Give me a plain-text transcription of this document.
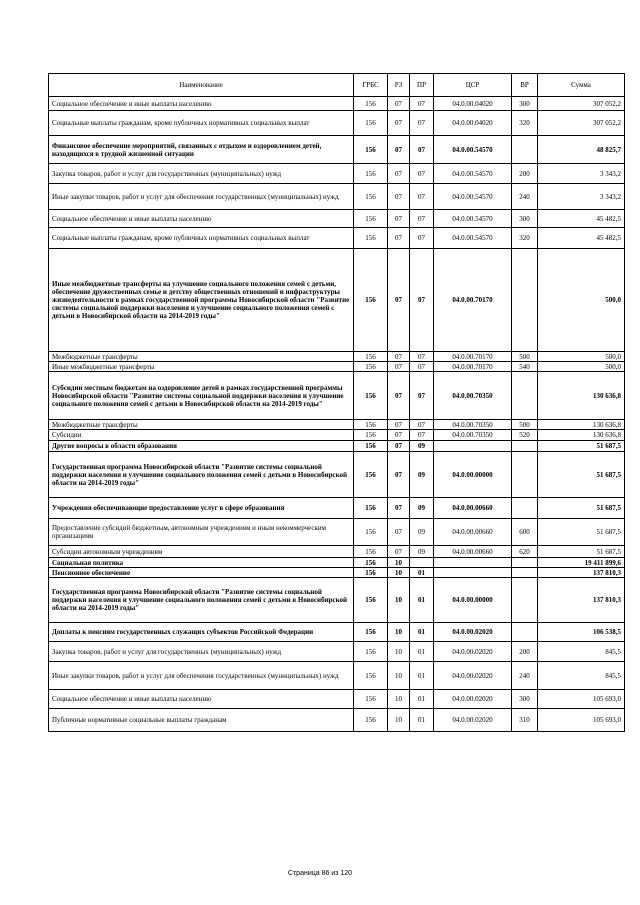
Наименование	ГРБС	РЗ	ПР	ЦСР	ВР	Сумма
Социальное обеспечение и иные выплаты населению	156	07	07	04.0.00.04020	300	307 052,2
Социальные выплаты гражданам, кроме публичных нормативных социальных выплат	156	07	07	04.0.00.04020	320	307 052,2
Финансовое обеспечение мероприятий, связанных с отдыхом и оздоровлением детей, находящихся в трудной жизненной ситуации	156	07	07	04.0.00.54570		48 825,7
Закупка товаров, работ и услуг для государственных (муниципальных) нужд	156	07	07	04.0.00.54570	200	3 343,2
Иные закупки товаров, работ и услуг для обеспечения государственных (муниципальных) нужд	156	07	07	04.0.00.54570	240	3 343,2
Социальное обеспечение и иные выплаты населению	156	07	07	04.0.00.54570	300	45 482,5
Социальные выплаты гражданам, кроме публичных нормативных социальных выплат	156	07	07	04.0.00.54570	320	45 482,5
Иные межбюджетные трансферты на улучшение социального положения семей с детьми, обеспечение дружественных семье и детству общественных отношений и инфраструктуры жизнедеятельности в рамках государственной программы Новосибирской области "Развитие системы социальной поддержки населения и улучшение социального положения семей с детьми в Новосибирской области на 2014-2019 годы"	156	07	07	04.0.00.70170		500,0
Межбюджетные трансферты	156	07	07	04.0.00.70170	500	500,0
Иные межбюджетные трансферты	156	07	07	04.0.00.70170	540	500,0
Субсидии местным бюджетам на оздоровление детей в рамках государственной программы Новосибирской области "Развитие системы социальной поддержки населения и улучшение социального положения семей с детьми в Новосибирской области на 2014-2019 годы"	156	07	07	04.0.00.70350		130 636,8
Межбюджетные трансферты	156	07	07	04.0.00.70350	500	130 636,8
Субсидии	156	07	07	04.0.00.70350	520	130 636,8
Другие вопросы в области образования	156	07	09			51 687,5
Государственная программа Новосибирской области "Развитие системы социальной поддержки населения и улучшение социального положения семей с детьми в Новосибирской области на 2014-2019 годы"	156	07	09	04.0.00.00000		51 687,5
Учреждения обеспечивающие предоставление услуг в сфере образования	156	07	09	04.0.00.00660		51 687,5
Предоставление субсидий бюджетным, автономным учреждениям и иным некоммерческим организациям	156	07	09	04.0.00.00660	600	51 687,5
Субсидии автономным учреждениям	156	07	09	04.0.00.00660	620	51 687,5
Социальная политика	156	10				19 411 899,6
Пенсионное обеспечение	156	10	01			137 810,3
Государственная программа Новосибирской области "Развитие системы социальной поддержки населения и улучшение социального положения семей с детьми в Новосибирской области на 2014-2019 годы"	156	10	01	04.0.00.00000		137 810,3
Доплаты к пенсиям государственных служащих субъектов Российской Федерации	156	10	01	04.0.00.02020		106 538,5
Закупка товаров, работ и услуг для государственных (муниципальных) нужд	156	10	01	04.0.00.02020	200	845,5
Иные закупки товаров, работ и услуг для обеспечения государственных (муниципальных) нужд	156	10	01	04.0.00.02020	240	845,5
Социальное обеспечение и иные выплаты населению	156	10	01	04.0.00.02020	300	105 693,0
Публичные нормативные социальные выплаты гражданам	156	10	01	04.0.00.02020	310	105 693,0
Страница 86 из 120
